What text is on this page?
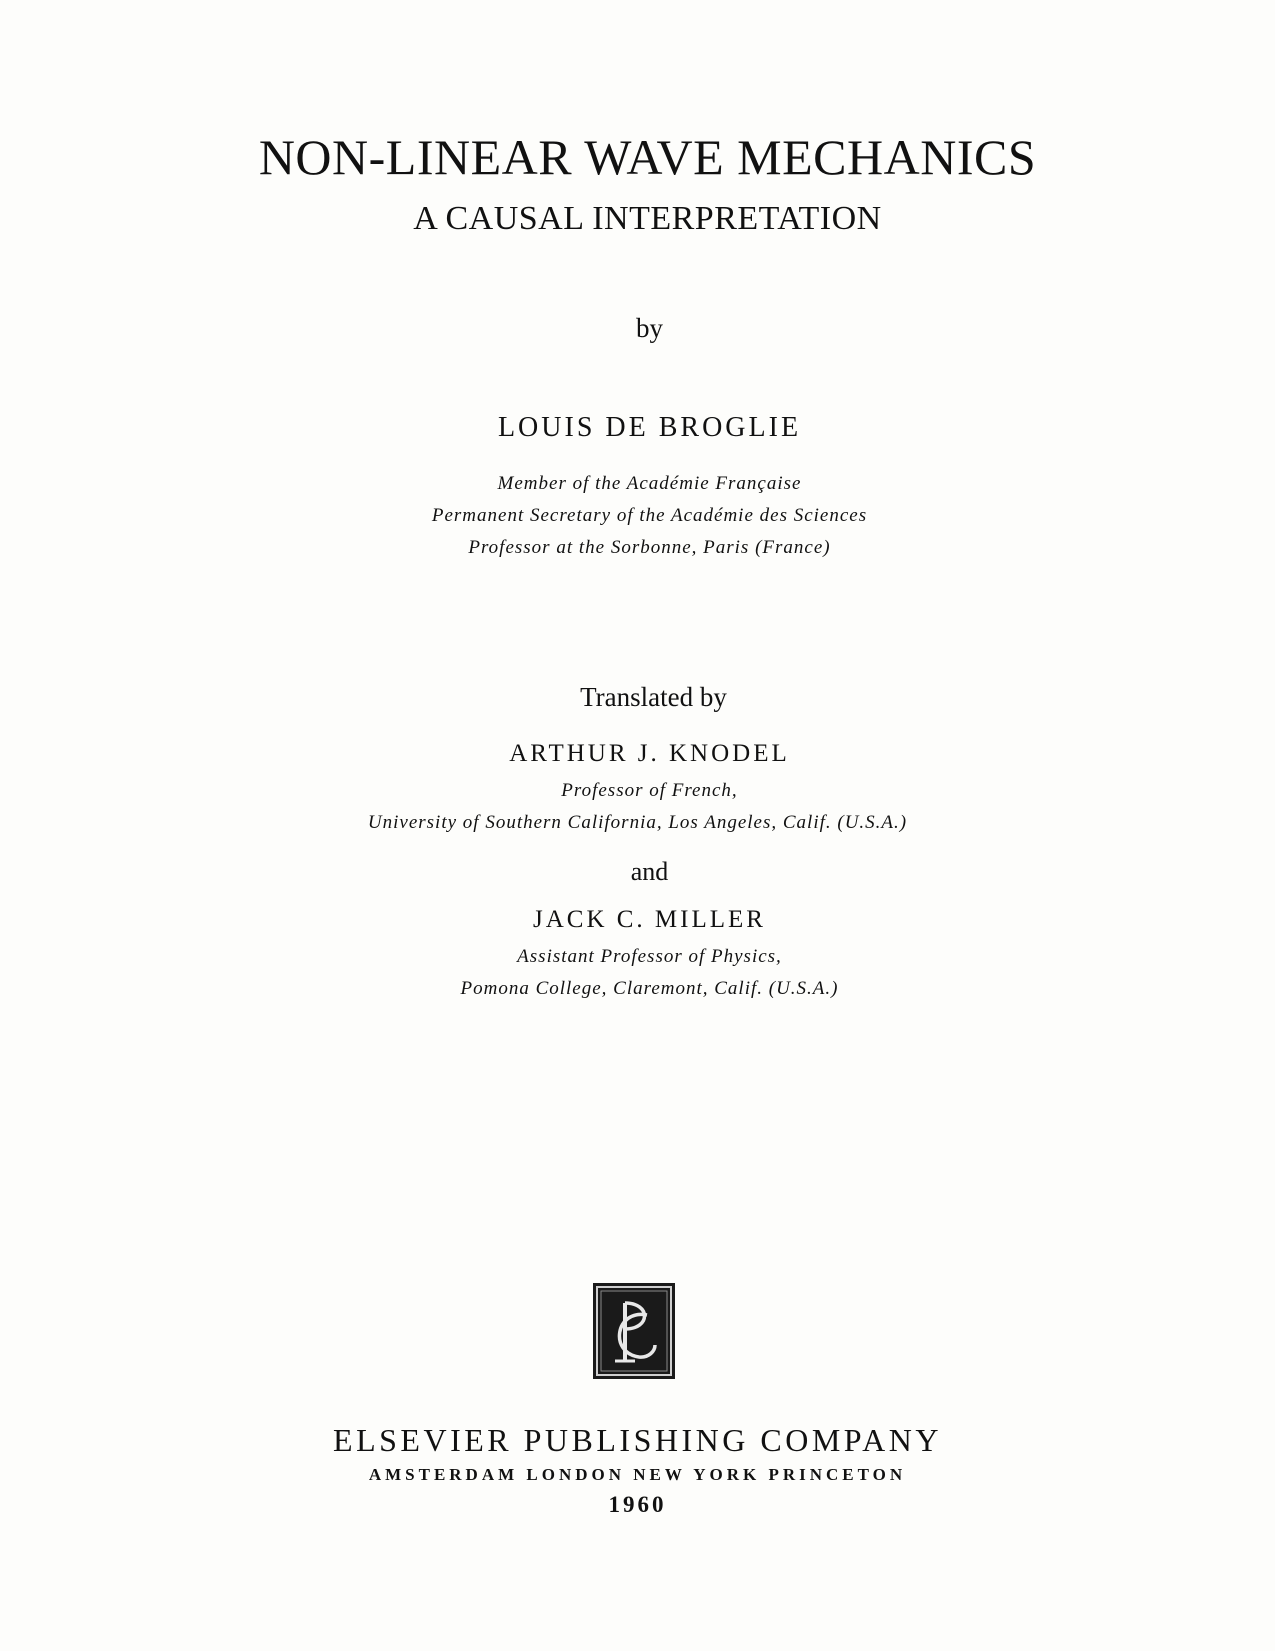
NON-LINEAR WAVE MECHANICS
A CAUSAL INTERPRETATION
by
LOUIS DE BROGLIE
Member of the Académie Française
Permanent Secretary of the Académie des Sciences
Professor at the Sorbonne, Paris (France)
Translated by
ARTHUR J. KNODEL
Professor of French,
University of Southern California, Los Angeles, Calif. (U.S.A.)
and
JACK C. MILLER
Assistant Professor of Physics,
Pomona College, Claremont, Calif. (U.S.A.)
ELSEVIER PUBLISHING COMPANY
AMSTERDAM LONDON NEW YORK PRINCETON
1960
